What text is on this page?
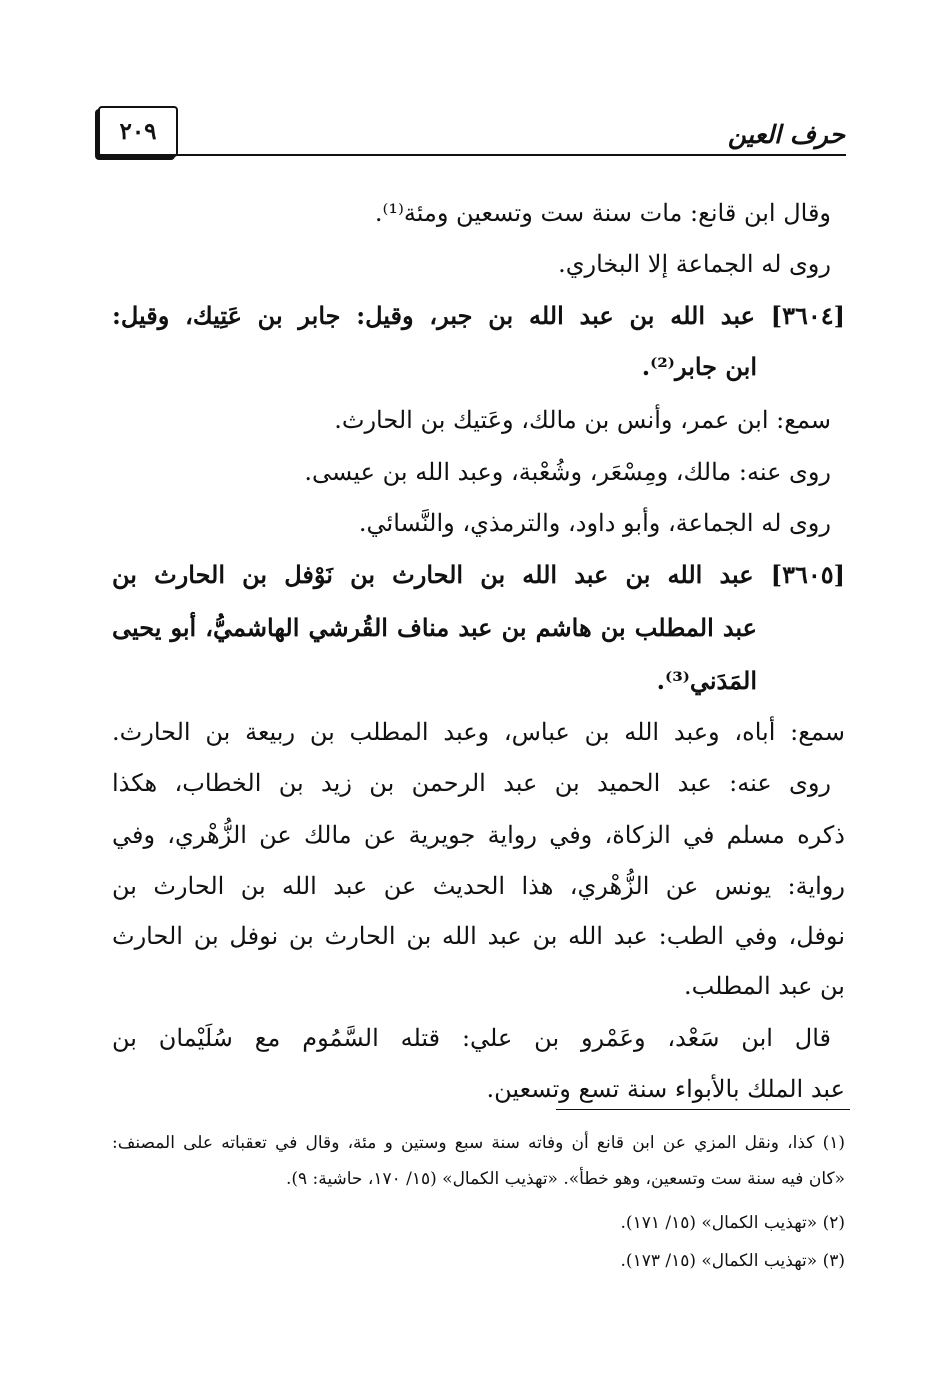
٢٠٩	حرف العين
وقال ابن قانع: مات سنة ست وتسعين ومئة⁽¹⁾.
روى له الجماعة إلا البخاري.
[٣٦٠٤] عبد الله بن عبد الله بن جبر، وقيل: جابر بن عَتِيك، وقيل:
ابن جابر⁽²⁾.
سمع: ابن عمر، وأنس بن مالك، وعَتيك بن الحارث.
روى عنه: مالك، ومِسْعَر، وشُعْبة، وعبد الله بن عيسى.
روى له الجماعة، وأبو داود، والترمذي، والنَّسائي.
[٣٦٠٥] عبد الله بن عبد الله بن الحارث بن نَوْفل بن الحارث بن
عبد المطلب بن هاشم بن عبد مناف القُرشي الهاشميُّ، أبو يحيى
المَدَني⁽³⁾.
سمع: أباه، وعبد الله بن عباس، وعبد المطلب بن ربيعة بن الحارث.
روى عنه: عبد الحميد بن عبد الرحمن بن زيد بن الخطاب، هكذا
ذكره مسلم في الزكاة، وفي رواية جويرية عن مالك عن الزُّهْري، وفي
رواية: يونس عن الزُّهْري، هذا الحديث عن عبد الله بن الحارث بن
نوفل، وفي الطب: عبد الله بن عبد الله بن الحارث بن نوفل بن الحارث
بن عبد المطلب.
قال ابن سَعْد، وعَمْرو بن علي: قتله السَّمُوم مع سُلَيْمان بن
عبد الملك بالأبواء سنة تسع وتسعين.
(١) كذا، ونقل المزي عن ابن قانع أن وفاته سنة سبع وستين و مئة، وقال في تعقباته على المصنف:
«كان فيه سنة ست وتسعين، وهو خطأ». «تهذيب الكمال» (١٥/ ١٧٠، حاشية: ٩).
(٢) «تهذيب الكمال» (١٥/ ١٧١).
(٣) «تهذيب الكمال» (١٥/ ١٧٣).
